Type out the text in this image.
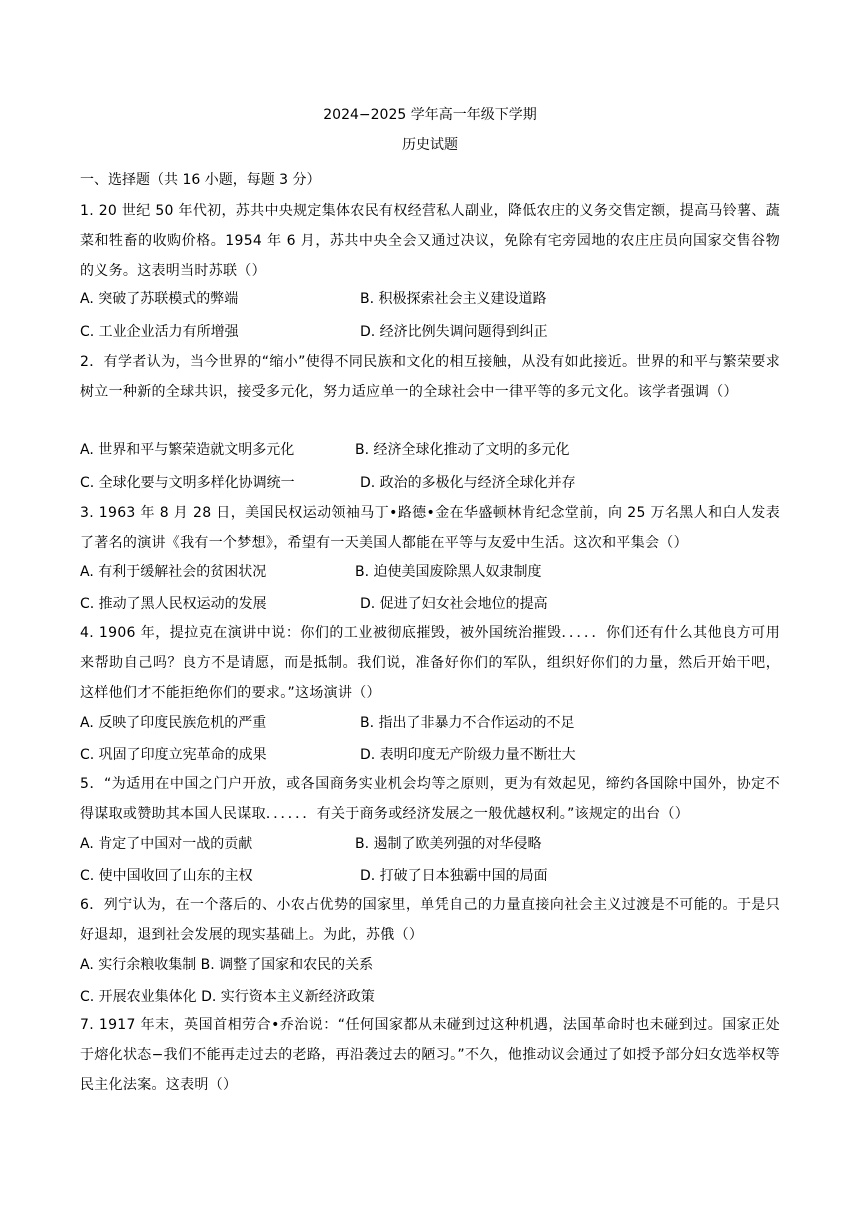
2024−2025 学年高一年级下学期
历史试题
一、选择题（共 16 小题，每题 3 分）
1. 20 世纪 50 年代初，苏共中央规定集体农民有权经营私人副业，降低农庄的义务交售定额，提高马铃薯、蔬菜和牲畜的收购价格。1954 年 6 月，苏共中央全会又通过决议，免除有宅旁园地的农庄庄员向国家交售谷物的义务。这表明当时苏联（）
A. 突破了苏联模式的弊端	B. 积极探索社会主义建设道路
C. 工业企业活力有所增强	D. 经济比例失调问题得到纠正
2．有学者认为，当今世界的“缩小”使得不同民族和文化的相互接触，从没有如此接近。世界的和平与繁荣要求树立一种新的全球共识，接受多元化，努力适应单一的全球社会中一律平等的多元文化。该学者强调（）
A. 世界和平与繁荣造就文明多元化	B. 经济全球化推动了文明的多元化
C. 全球化要与文明多样化协调统一	D. 政治的多极化与经济全球化并存
3. 1963 年 8 月 28 日，美国民权运动领袖马丁•路德•金在华盛顿林肯纪念堂前，向 25 万名黑人和白人发表了著名的演讲《我有一个梦想》，希望有一天美国人都能在平等与友爱中生活。这次和平集会（）
A. 有利于缓解社会的贫困状况	B. 迫使美国废除黑人奴隶制度
C. 推动了黑人民权运动的发展	D. 促进了妇女社会地位的提高
4. 1906 年，提拉克在演讲中说：你们的工业被彻底摧毁，被外国统治摧毁．．．．．你们还有什么其他良方可用来帮助自己吗？良方不是请愿，而是抵制。我们说，准备好你们的军队，组织好你们的力量，然后开始干吧，这样他们才不能拒绝你们的要求。”这场演讲（）
A. 反映了印度民族危机的严重	B. 指出了非暴力不合作运动的不足
C. 巩固了印度立宪革命的成果	D. 表明印度无产阶级力量不断壮大
5．“为适用在中国之门户开放，或各国商务实业机会均等之原则，更为有效起见，缔约各国除中国外，协定不得谋取或赞助其本国人民谋取．．．．．．有关于商务或经济发展之一般优越权利。”该规定的出台（）
A. 肯定了中国对一战的贡献	B. 遏制了欧美列强的对华侵略
C. 使中国收回了山东的主权	D. 打破了日本独霸中国的局面
6．列宁认为，在一个落后的、小农占优势的国家里，单凭自己的力量直接向社会主义过渡是不可能的。于是只好退却，退到社会发展的现实基础上。为此，苏俄（）
A. 实行余粮收集制 B. 调整了国家和农民的关系
C. 开展农业集体化 D. 实行资本主义新经济政策
7. 1917 年末，英国首相劳合•乔治说：“任何国家都从未碰到过这种机遇，法国革命时也未碰到过。国家正处于熔化状态−我们不能再走过去的老路，再沿袭过去的陋习。”不久，他推动议会通过了如授予部分妇女选举权等民主化法案。这表明（）
